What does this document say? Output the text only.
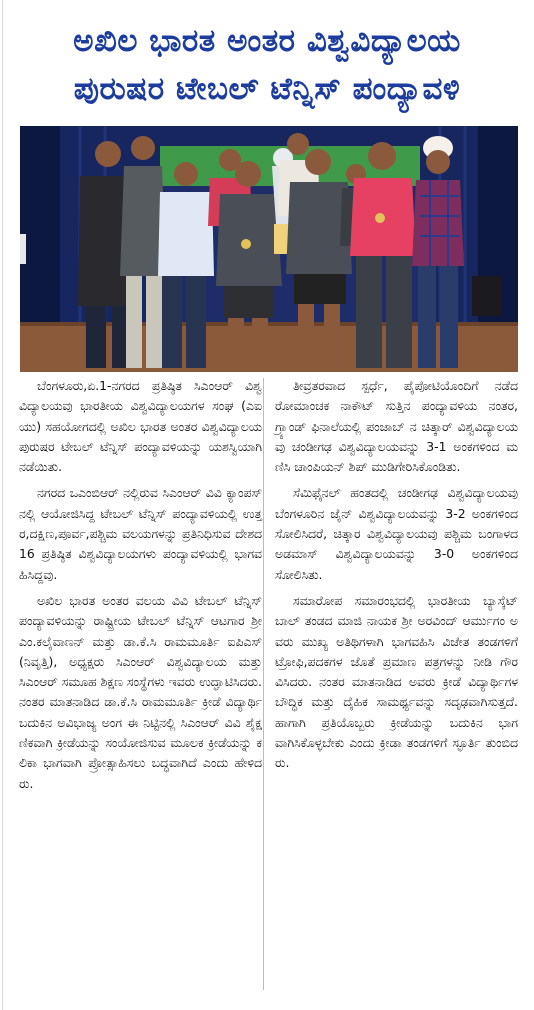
ಅಖಿಲ ಭಾರತ ಅಂತರ ವಿಶ್ವವಿದ್ಯಾಲಯ
ಪುರುಷರ ಟೇಬಲ್ ಟೆನ್ನಿಸ್ ಪಂದ್ಯಾವಳಿ

ಬೆಂಗಳೂರು,ಏ.1-ನಗರದ ಪ್ರತಿಷ್ಠಿತ ಸಿಎಂಆರ್ ವಿಶ್ವವಿದ್ಯಾಲಯವು ಭಾರತೀಯ ವಿಶ್ವವಿದ್ಯಾಲಯಗಳ ಸಂಘ (ಎಐಯು) ಸಹಯೋಗದಲ್ಲಿ ಅಖಿಲ ಭಾರತ ಅಂತರ ವಿಶ್ವವಿದ್ಯಾಲಯ ಪುರುಷರ ಟೇಬಲ್ ಟೆನ್ನಿಸ್ ಪಂದ್ಯಾವಳಿಯನ್ನು ಯಶಸ್ವಿಯಾಗಿ ನಡೆಯಿತು.

ನಗರದ ಒಎಂಬಿಆರ್ ನಲ್ಲಿರುವ ಸಿಎಂಆರ್ ವಿವಿ ಕ್ಯಾಂಪಸ್ ನಲ್ಲಿ ಆಯೋಜಿಸಿದ್ದ ಟೇಬಲ್ ಟೆನ್ನಿಸ್ ಪಂದ್ಯಾವಳಿಯಲ್ಲಿ ಉತ್ತರ,ದಕ್ಷಿಣ,ಪೂರ್ವ,ಪಶ್ಚಿಮ ವಲಯಗಳನ್ನು ಪ್ರತಿನಿಧಿಸುವ ದೇಶದ 16 ಪ್ರತಿಷ್ಠಿತ ವಿಶ್ವವಿದ್ಯಾಲಯಗಳು ಪಂದ್ಯಾವಳಿಯಲ್ಲಿ ಭಾಗವಹಿಸಿದ್ದವು.

ಅಖಿಲ ಭಾರತ ಅಂತರ ವಲಯ ವಿವಿ ಟೇಬಲ್ ಟೆನ್ನಿಸ್ ಪಂದ್ಯಾವಳಿಯನ್ನು ರಾಷ್ಟ್ರೀಯ ಟೇಬಲ್ ಟೆನ್ನಿಸ್ ಆಟಗಾರ ಶ್ರೀ ಎಂ.ಕಲೈವಾಣನ್ ಮತ್ತು ಡಾ.ಕೆ.ಸಿ ರಾಮಮೂರ್ತಿ ಐಪಿಎಸ್ (ನಿವೃತ್ತಿ), ಅಧ್ಯಕ್ಷರು ಸಿಎಂಆರ್ ವಿಶ್ವವಿದ್ಯಾಲಯ ಮತ್ತು ಸಿಎಂಆರ್ ಸಮೂಹ ಶಿಕ್ಷಣ ಸಂಸ್ಥೆಗಳು ಇವರು ಉದ್ಘಾಟಿಸಿದರು. ನಂತರ ಮಾತನಾಡಿದ ಡಾ.ಕೆ.ಸಿ ರಾಮಮೂರ್ತಿ ಕ್ರೀಡೆ ವಿದ್ಯಾರ್ಥಿ ಬದುಕಿನ ಅವಿಭಾಜ್ಯ ಅಂಗ ಈ ನಿಟ್ಟಿನಲ್ಲಿ ಸಿಎಂಆರ್ ವಿವಿ ಶೈಕ್ಷಣಿಕವಾಗಿ ಕ್ರೀಡೆಯನ್ನು ಸಂಯೋಜಿಸುವ ಮೂಲಕ ಕ್ರೀಡೆಯನ್ನು ಕಲಿಕಾ ಭಾಗವಾಗಿ ಪ್ರೋತ್ಸಾಹಿಸಲು ಬದ್ಧವಾಗಿದೆ ಎಂದು ಹೇಳಿದರು.

ತೀವ್ರತರವಾದ ಸ್ಪರ್ಧೆ, ಪೈಪೋಟಿಯೊಂದಿಗೆ ನಡೆದ ರೋಮಾಂಚಕ ನಾಕೌಟ್ ಸುತ್ತಿನ ಪಂದ್ಯಾವಳಿಯ ನಂತರ, ಗ್ರ್ಯಾಂಡ್ ಫಿನಾಲೆಯಲ್ಲಿ ಪಂಜಾಬ್ ನ ಚಿತ್ಕಾರ್ ವಿಶ್ವವಿದ್ಯಾಲಯವು ಚಂಡೀಗಢ ವಿಶ್ವವಿದ್ಯಾಲಯವನ್ನು 3-1 ಅಂಕಗಳಿಂದ ಮಣಿಸಿ ಚಾಂಪಿಯನ್ ಶಿಪ್ ಮುಡಿಗೇರಿಸಿಕೊಂಡಿತು.

ಸೆಮಿಫೈನಲ್ ಹಂತದಲ್ಲಿ ಚಂಡೀಗಢ ವಿಶ್ವವಿದ್ಯಾಲಯವು ಬೆಂಗಳೂರಿನ ಜೈನ್ ವಿಶ್ವವಿದ್ಯಾಲಯವನ್ನು 3-2 ಅಂಕಗಳಿಂದ ಸೋಲಿಸಿದರೆ, ಚಿತ್ಕಾರ ವಿಶ್ವವಿದ್ಯಾಲಯವು ಪಶ್ಚಿಮ ಬಂಗಾಳದ ಅಡಮಾಸ್ ವಿಶ್ವವಿದ್ಯಾಲಯವನ್ನು 3-0 ಅಂಕಗಳಿಂದ ಸೋಲಿಸಿತು.

ಸಮಾರೋಪ ಸಮಾರಂಭದಲ್ಲಿ ಭಾರತೀಯ ಬ್ಯಾಸ್ಕೆಟ್ ಬಾಲ್ ತಂಡದ ಮಾಜಿ ನಾಯಕ ಶ್ರೀ ಅರವಿಂದ್ ಆರ್ಮುಗಂ ಅವರು ಮುಖ್ಯ ಅತಿಥಿಗಳಾಗಿ ಭಾಗವಹಿಸಿ ವಿಜೇತ ತಂಡಗಳಿಗೆ ಟ್ರೋಫಿ,ಪದಕಗಳ ಜೊತೆ ಪ್ರಮಾಣ ಪತ್ರಗಳನ್ನು ನೀಡಿ ಗೌರವಿಸಿದರು. ನಂತರ ಮಾತನಾಡಿದ ಅವರು ಕ್ರೀಡೆ ವಿದ್ಯಾರ್ಥಿಗಳ ಬೌದ್ಧಿಕ ಮತ್ತು ದೈಹಿಕ ಸಾಮರ್ಥ್ಯವನ್ನು ಸದೃಢವಾಗಿಸುತ್ತದೆ. ಹಾಗಾಗಿ ಪ್ರತಿಯೊಬ್ಬರು ಕ್ರೀಡೆಯನ್ನು ಬದುಕಿನ ಭಾಗವಾಗಿಸಿಕೊಳ್ಳಬೇಕು ಎಂದು ಕ್ರೀಡಾ ತಂಡಗಳಿಗೆ ಸ್ಫೂರ್ತಿ ತುಂಬಿದರು.
